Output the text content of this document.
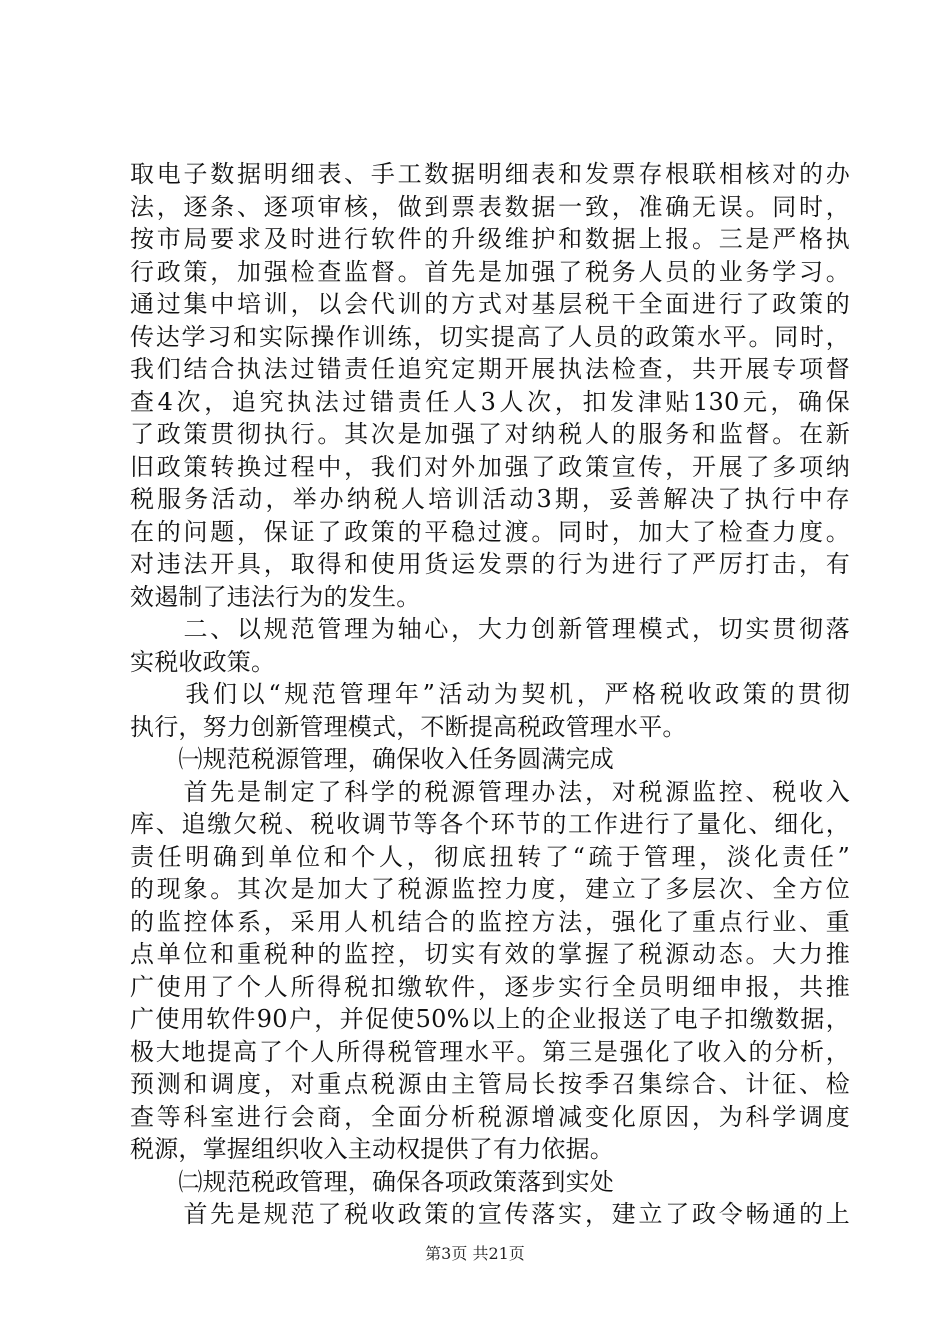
取电子数据明细表、手工数据明细表和发票存根联相核对的办
法，逐条、逐项审核，做到票表数据一致，准确无误。同时，
按市局要求及时进行软件的升级维护和数据上报。三是严格执
行政策，加强检查监督。首先是加强了税务人员的业务学习。
通过集中培训，以会代训的方式对基层税干全面进行了政策的
传达学习和实际操作训练，切实提高了人员的政策水平。同时，
我们结合执法过错责任追究定期开展执法检查，共开展专项督
查4次，追究执法过错责任人3人次，扣发津贴130元，确保
了政策贯彻执行。其次是加强了对纳税人的服务和监督。在新
旧政策转换过程中，我们对外加强了政策宣传，开展了多项纳
税服务活动，举办纳税人培训活动3期，妥善解决了执行中存
在的问题，保证了政策的平稳过渡。同时，加大了检查力度。
对违法开具，取得和使用货运发票的行为进行了严厉打击，有
效遏制了违法行为的发生。
　　二、以规范管理为轴心，大力创新管理模式，切实贯彻落
实税收政策。
　　我们以“规范管理年”活动为契机，严格税收政策的贯彻
执行，努力创新管理模式，不断提高税政管理水平。
　　㈠规范税源管理，确保收入任务圆满完成
　　首先是制定了科学的税源管理办法，对税源监控、税收入
库、追缴欠税、税收调节等各个环节的工作进行了量化、细化，
责任明确到单位和个人，彻底扭转了“疏于管理，淡化责任”
的现象。其次是加大了税源监控力度，建立了多层次、全方位
的监控体系，采用人机结合的监控方法，强化了重点行业、重
点单位和重税种的监控，切实有效的掌握了税源动态。大力推
广使用了个人所得税扣缴软件，逐步实行全员明细申报，共推
广使用软件90户，并促使50%以上的企业报送了电子扣缴数据，
极大地提高了个人所得税管理水平。第三是强化了收入的分析，
预测和调度，对重点税源由主管局长按季召集综合、计征、检
查等科室进行会商，全面分析税源增减变化原因，为科学调度
税源，掌握组织收入主动权提供了有力依据。
　　㈡规范税政管理，确保各项政策落到实处
　　首先是规范了税收政策的宣传落实，建立了政令畅通的上
第3页 共21页
